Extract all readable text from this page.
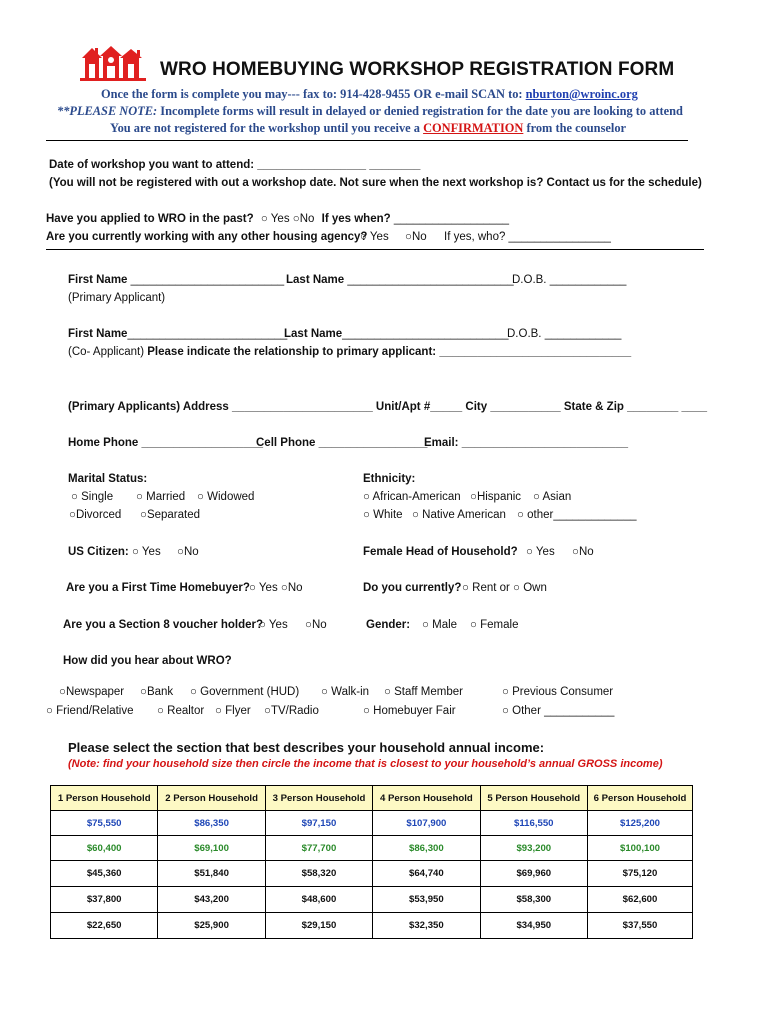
WRO HOMEBUYING WORKSHOP REGISTRATION FORM
Once the form is complete you may--- fax to: 914-428-9455 OR e-mail SCAN to: nburton@wroinc.org
**PLEASE NOTE: Incomplete forms will result in delayed or denied registration for the date you are looking to attend
You are not registered for the workshop until you receive a CONFIRMATION from the counselor
Date of workshop you want to attend: _________________ ________
(You will not be registered with out a workshop date. Not sure when the next workshop is? Contact us for the schedule)
Have you applied to WRO in the past? ○ Yes ○No If yes when? __________________
Are you currently working with any other housing agency?
○ Yes ○No If yes, who? ________________
First Name ________________________ Last Name __________________________
D.O.B. ____________
(Primary Applicant)
First Name_________________________
Last Name__________________________
D.O.B. ____________
(Co- Applicant) Please indicate the relationship to primary applicant: ______________________________
(Primary Applicants) Address ______________________ Unit/Apt #_____ City ___________ State & Zip ________ ____
Home Phone ___________________
Cell Phone _________________
Email: __________________________
Marital Status:
○ Single ○ Married ○ Widowed
○Divorced ○Separated
Ethnicity:
○ African-American ○Hispanic ○ Asian
○ White ○ Native American ○ other_____________
US Citizen: ○ Yes ○No	Female Head of Household? ○ Yes ○No
Are you a First Time Homebuyer? ○ Yes ○No	Do you currently? ○ Rent or ○ Own
Are you a Section 8 voucher holder?
○ Yes ○No	Gender: ○ Male ○ Female
How did you hear about WRO?
○Newspaper ○Bank ○ Government (HUD) ○ Walk-in ○ Staff Member	○ Previous Consumer
○ Friend/Relative ○ Realtor ○ Flyer ○TV/Radio	○ Homebuyer Fair	○ Other ___________
Please select the section that best describes your household annual income:
(Note: find your household size then circle the income that is closest to your household’s annual GROSS income)
1 Person Household	2 Person Household	3 Person Household	4 Person Household	5 Person Household	6 Person Household
$75,550	$86,350	$97,150	$107,900	$116,550	$125,200
$60,400	$69,100	$77,700	$86,300	$93,200	$100,100
$45,360	$51,840	$58,320	$64,740	$69,960	$75,120
$37,800	$43,200	$48,600	$53,950	$58,300	$62,600
$22,650	$25,900	$29,150	$32,350	$34,950	$37,550
